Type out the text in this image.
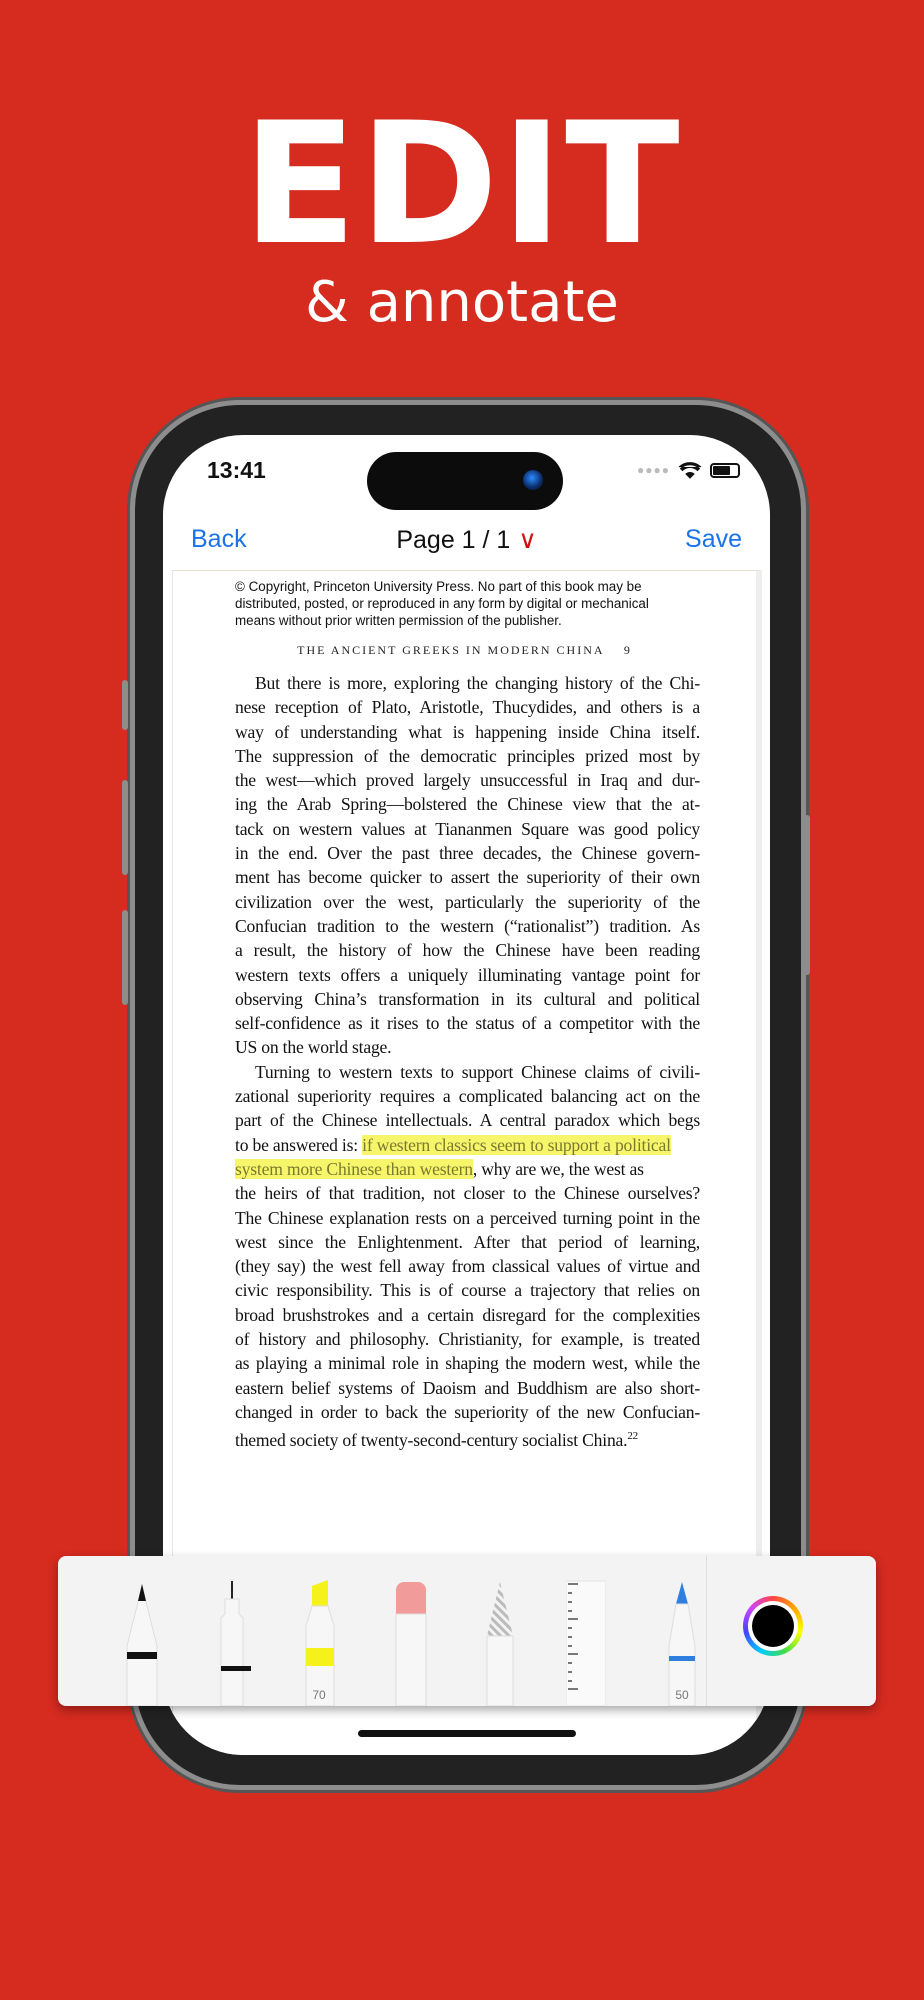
EDIT
& annotate
13:41	●●●●
Back	Page 1 / 1 ∨	Save
© Copyright, Princeton University Press. No part of this book may be distributed, posted, or reproduced in any form by digital or mechanical means without prior written permission of the publisher.
THE ANCIENT GREEKS IN MODERN CHINA    9
But there is more, exploring the changing history of the Chi-
nese reception of Plato, Aristotle, Thucydides, and others is a
way of understanding what is happening inside China itself.
The suppression of the democratic principles prized most by
the west—which proved largely unsuccessful in Iraq and dur-
ing the Arab Spring—bolstered the Chinese view that the at-
tack on western values at Tiananmen Square was good policy
in the end. Over the past three decades, the Chinese govern-
ment has become quicker to assert the superiority of their own
civilization over the west, particularly the superiority of the
Confucian tradition to the western (“rationalist”) tradition. As
a result, the history of how the Chinese have been reading
western texts offers a uniquely illuminating vantage point for
observing China’s transformation in its cultural and political
self-confidence as it rises to the status of a competitor with the
US on the world stage.
Turning to western texts to support Chinese claims of civili-
zational superiority requires a complicated balancing act on the
part of the Chinese intellectuals. A central paradox which begs
to be answered is: if western classics seem to support a political
system more Chinese than western, why are we, the west as
the heirs of that tradition, not closer to the Chinese ourselves?
The Chinese explanation rests on a perceived turning point in the
west since the Enlightenment. After that period of learning,
(they say) the west fell away from classical values of virtue and
civic responsibility. This is of course a trajectory that relies on
broad brushstrokes and a certain disregard for the complexities
of history and philosophy. Christianity, for example, is treated
as playing a minimal role in shaping the modern west, while the
eastern belief systems of Daoism and Buddhism are also short-
changed in order to back the superiority of the new Confucian-
themed society of twenty-second-century socialist China.$^{22}$
70	50
